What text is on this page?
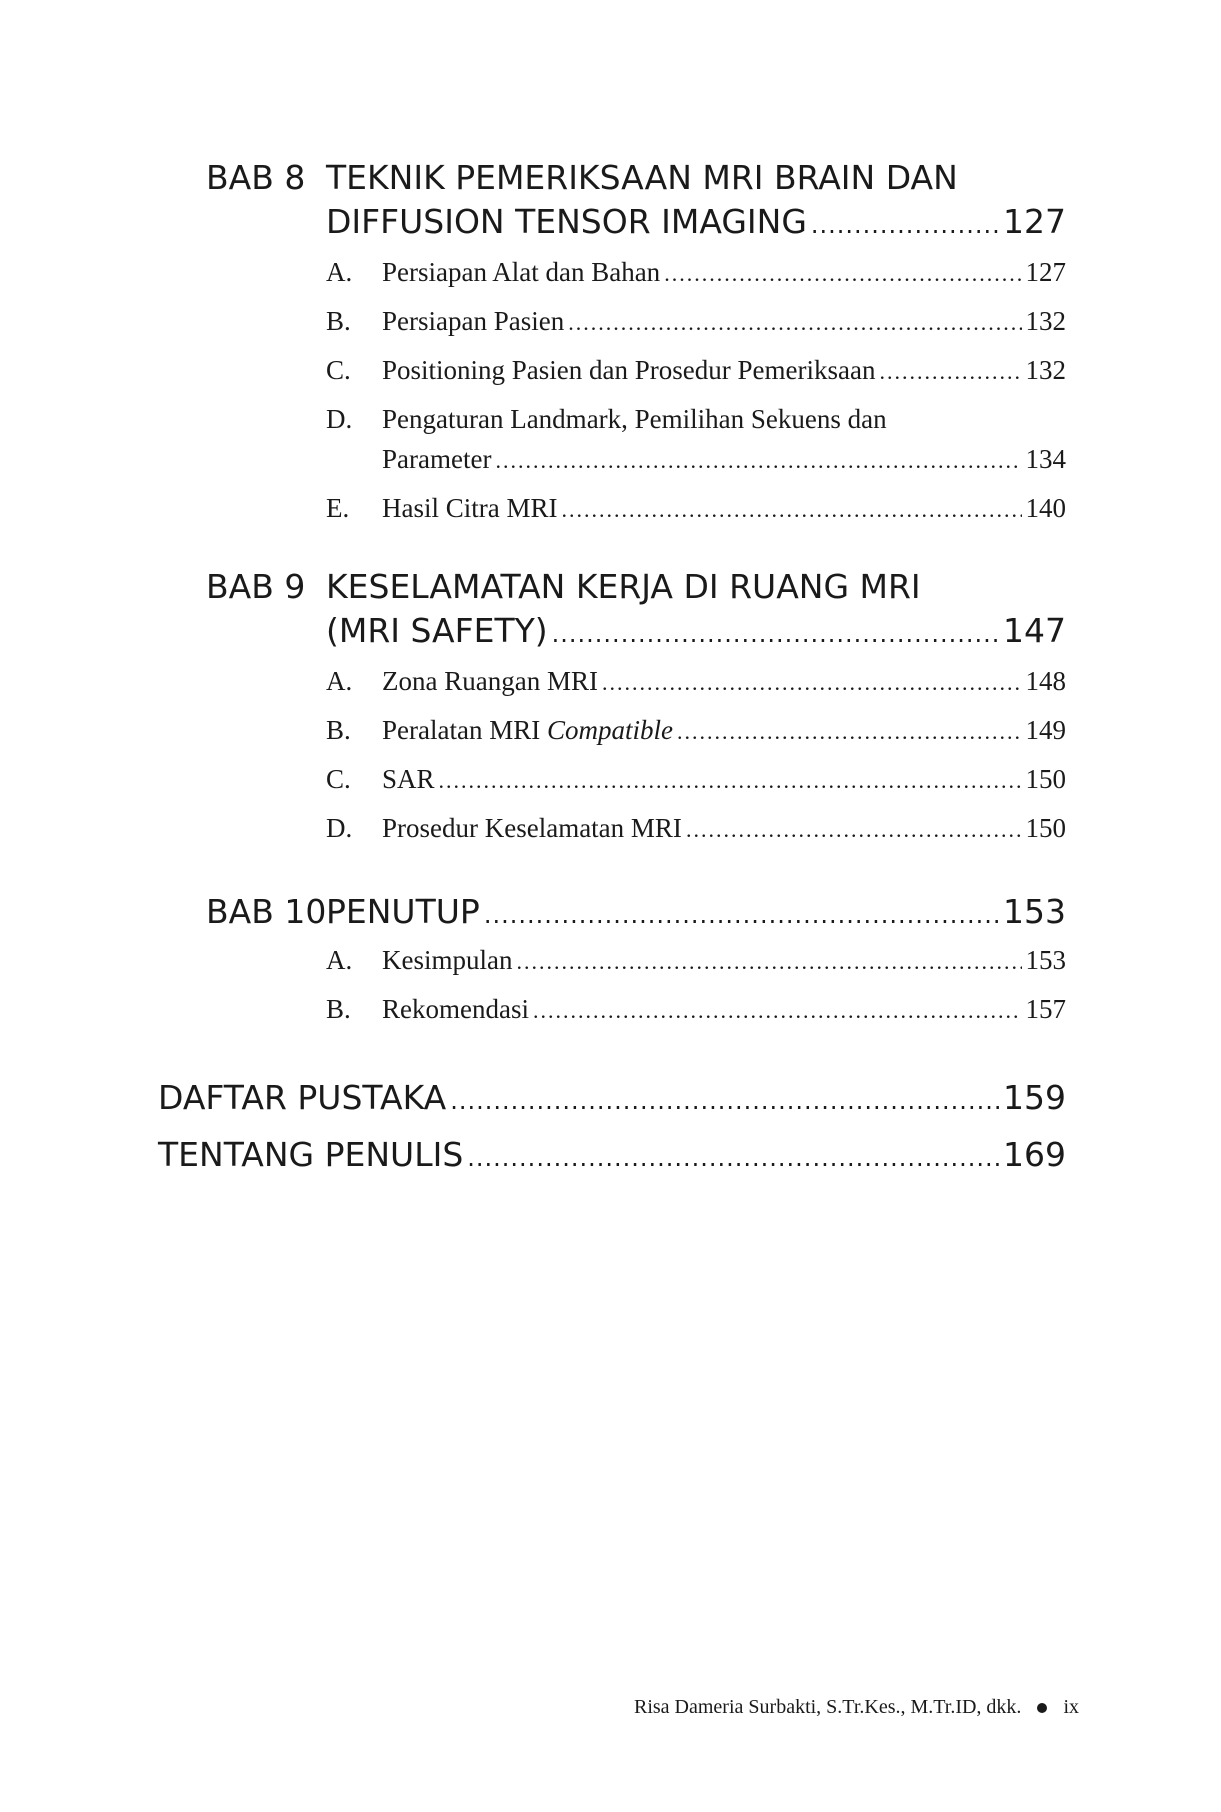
BAB 8 TEKNIK PEMERIKSAAN MRI BRAIN DAN
DIFFUSION TENSOR IMAGING .....	127
A. Persiapan Alat dan Bahan .....	127
B. Persiapan Pasien .....	132
C. Positioning Pasien dan Prosedur Pemeriksaan .....	132
D. Pengaturan Landmark, Pemilihan Sekuens dan
Parameter .....	134
E. Hasil Citra MRI .....	140
BAB 9 KESELAMATAN KERJA DI RUANG MRI
(MRI SAFETY) .....	147
A. Zona Ruangan MRI .....	148
B. Peralatan MRI Compatible .....	149
C. SAR .....	150
D. Prosedur Keselamatan MRI .....	150
BAB 10 PENUTUP .....	153
A. Kesimpulan .....	153
B. Rekomendasi .....	157
DAFTAR PUSTAKA .....	159
TENTANG PENULIS .....	169
Risa Dameria Surbakti, S.Tr.Kes., M.Tr.ID, dkk. ix
